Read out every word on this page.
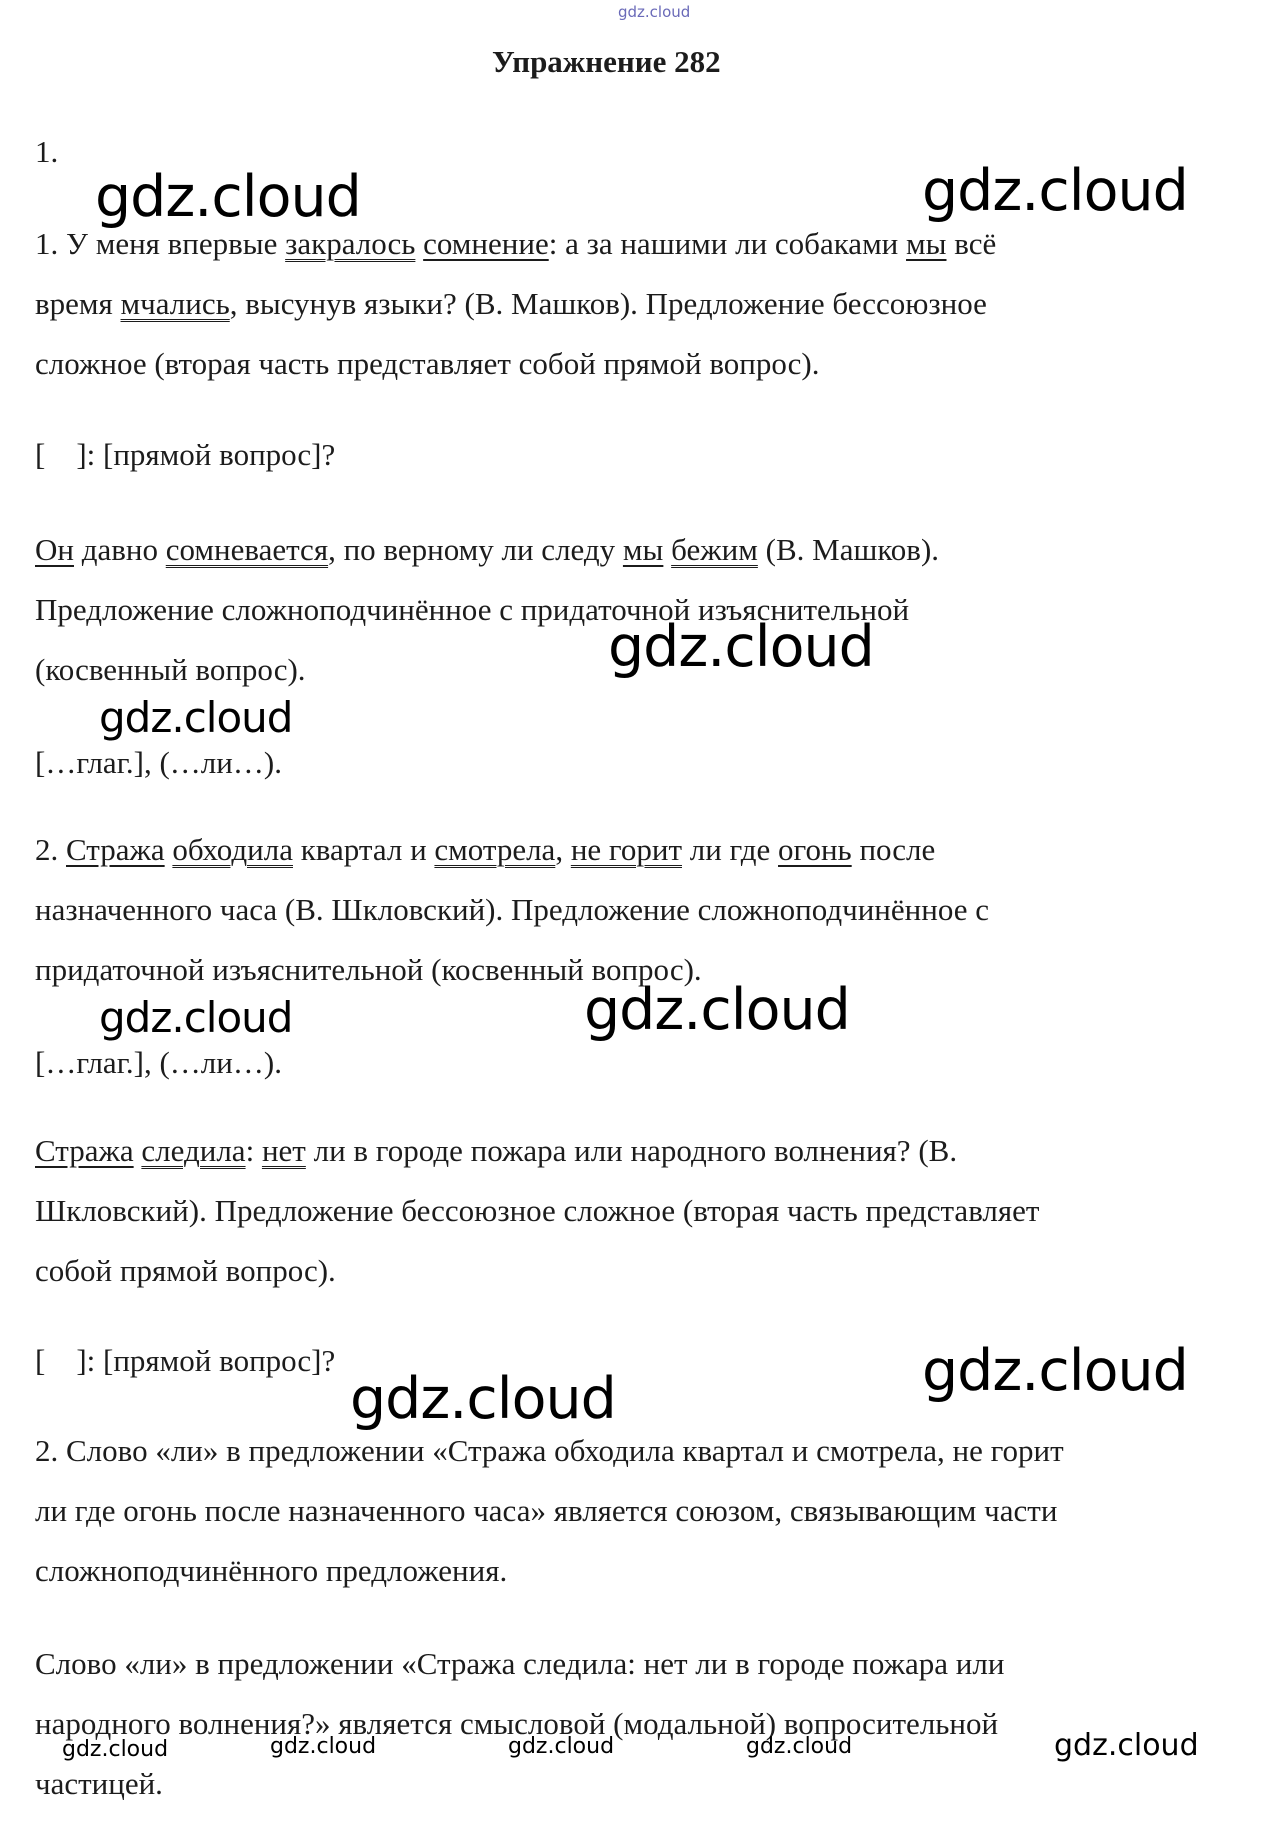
gdz.cloud
Упражнение 282
1.
1. У меня впервые закралось сомнение: а за нашими ли собаками мы всё
время мчались, высунув языки? (В. Машков). Предложение бессоюзное
сложное (вторая часть представляет собой прямой вопрос).
[    ]: [прямой вопрос]?
Он давно сомневается, по верному ли следу мы бежим (В. Машков).
Предложение сложноподчинённое с придаточной изъяснительной
(косвенный вопрос).
[…глаг.], (…ли…).
2. Стража обходила квартал и смотрела, не горит ли где огонь после
назначенного часа (В. Шкловский). Предложение сложноподчинённое с
придаточной изъяснительной (косвенный вопрос).
[…глаг.], (…ли…).
Стража следила: нет ли в городе пожара или народного волнения? (В.
Шкловский). Предложение бессоюзное сложное (вторая часть представляет
собой прямой вопрос).
[    ]: [прямой вопрос]?
2. Слово «ли» в предложении «Стража обходила квартал и смотрела, не горит
ли где огонь после назначенного часа» является союзом, связывающим части
сложноподчинённого предложения.
Слово «ли» в предложении «Стража следила: нет ли в городе пожара или
народного волнения?» является смысловой (модальной) вопросительной
частицей.
gdz.cloud	gdz.cloud
gdz.cloud
gdz.cloud
gdz.cloud	gdz.cloud
gdz.cloud
gdz.cloud
gdz.cloud	gdz.cloud	gdz.cloud	gdz.cloud	gdz.cloud
